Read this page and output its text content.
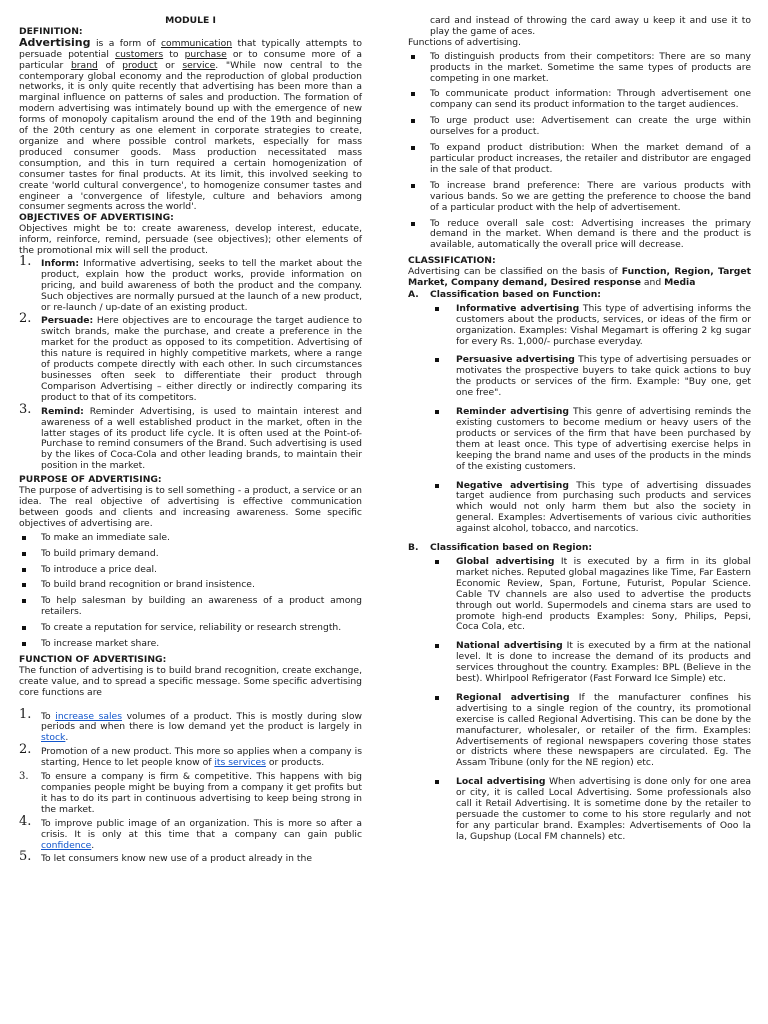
MODULE I

DEFINITION:

Advertising is a form of communication that typically attempts to persuade potential customers to purchase or to consume more of a particular brand of product or service. "While now central to the contemporary global economy and the reproduction of global production networks, it is only quite recently that advertising has been more than a marginal influence on patterns of sales and production. The formation of modern advertising was intimately bound up with the emergence of new forms of monopoly capitalism around the end of the 19th and beginning of the 20th century as one element in corporate strategies to create, organize and where possible control markets, especially for mass produced consumer goods. Mass production necessitated mass consumption, and this in turn required a certain homogenization of consumer tastes for final products. At its limit, this involved seeking to create 'world cultural convergence', to homogenize consumer tastes and engineer a 'convergence of lifestyle, culture and behaviors among consumer segments across the world'.

OBJECTIVES OF ADVERTISING:

Objectives might be to: create awareness, develop interest, educate, inform, reinforce, remind, persuade (see objectives); other elements of the promotional mix will sell the product.

1. Inform: Informative advertising, seeks to tell the market about the product, explain how the product works, provide information on pricing, and build awareness of both the product and the company. Such objectives are normally pursued at the launch of a new product, or re-launch / up-date of an existing product.
2. Persuade: Here objectives are to encourage the target audience to switch brands, make the purchase, and create a preference in the market for the product as opposed to its competition. Advertising of this nature is required in highly competitive markets, where a range of products compete directly with each other. In such circumstances businesses often seek to differentiate their product through Comparison Advertising – either directly or indirectly comparing its product to that of its competitors.
3. Remind: Reminder Advertising, is used to maintain interest and awareness of a well established product in the market, often in the latter stages of its product life cycle. It is often used at the Point-of-Purchase to remind consumers of the Brand. Such advertising is used by the likes of Coca-Cola and other leading brands, to maintain their position in the market.

PURPOSE OF ADVERTISING:

The purpose of advertising is to sell something - a product, a service or an idea. The real objective of advertising is effective communication between goods and clients and increasing awareness. Some specific objectives of advertising are.

To make an immediate sale.
To build primary demand.
To introduce a price deal.
To build brand recognition or brand insistence.
To help salesman by building an awareness of a product among retailers.
To create a reputation for service, reliability or research strength.
To increase market share.

FUNCTION OF ADVERTISING:

The function of advertising is to build brand recognition, create exchange, create value, and to spread a specific message. Some specific advertising core functions are

1. To increase sales volumes of a product. This is mostly during slow periods and when there is low demand yet the product is largely in stock.
2. Promotion of a new product. This more so applies when a company is starting, Hence to let people know of its services or products.
3. To ensure a company is firm & competitive. This happens with big companies people might be buying from a company it get profits but it has to do its part in continuous advertising to keep being strong in the market.
4. To improve public image of an organization. This is more so after a crisis. It is only at this time that a company can gain public confidence.
5. To let consumers know new use of a product already in the

card and instead of throwing the card away u keep it and use it to play the game of aces.

Functions of advertising.

To distinguish products from their competitors: There are so many products in the market. Sometime the same types of products are competing in one market.
To communicate product information: Through advertisement one company can send its product information to the target audiences.
To urge product use: Advertisement can create the urge within ourselves for a product.
To expand product distribution: When the market demand of a particular product increases, the retailer and distributor are engaged in the sale of that product.
To increase brand preference: There are various products with various bands. So we are getting the preference to choose the band of a particular product with the help of advertisement.
To reduce overall sale cost: Advertising increases the primary demand in the market. When demand is there and the product is available, automatically the overall price will decrease.

CLASSIFICATION:

Advertising can be classified on the basis of Function, Region, Target Market, Company demand, Desired response and Media

A. Classification based on Function:

Informative advertising This type of advertising informs the customers about the products, services, or ideas of the firm or organization. Examples: Vishal Megamart is offering 2 kg sugar for every Rs. 1,000/- purchase everyday.
Persuasive advertising This type of advertising persuades or motivates the prospective buyers to take quick actions to buy the products or services of the firm. Example: "Buy one, get one free".
Reminder advertising This genre of advertising reminds the existing customers to become medium or heavy users of the products or services of the firm that have been purchased by them at least once. This type of advertising exercise helps in keeping the brand name and uses of the products in the minds of the existing customers.
Negative advertising This type of advertising dissuades target audience from purchasing such products and services which would not only harm them but also the society in general. Examples: Advertisements of various civic authorities against alcohol, tobacco, and narcotics.

B. Classification based on Region:

Global advertising It is executed by a firm in its global market niches. Reputed global magazines like Time, Far Eastern Economic Review, Span, Fortune, Futurist, Popular Science. Cable TV channels are also used to advertise the products through out world. Supermodels and cinema stars are used to promote high-end products Examples: Sony, Philips, Pepsi, Coca Cola, etc.
National advertising It is executed by a firm at the national level. It is done to increase the demand of its products and services throughout the country. Examples: BPL (Believe in the best). Whirlpool Refrigerator (Fast Forward Ice Simple) etc.
Regional advertising If the manufacturer confines his advertising to a single region of the country, its promotional exercise is called Regional Advertising. This can be done by the manufacturer, wholesaler, or retailer of the firm. Examples: Advertisements of regional newspapers covering those states or districts where these newspapers are circulated. Eg. The Assam Tribune (only for the NE region) etc.
Local advertising When advertising is done only for one area or city, it is called Local Advertising. Some professionals also call it Retail Advertising. It is sometime done by the retailer to persuade the customer to come to his store regularly and not for any particular brand. Examples: Advertisements of Ooo la la, Gupshup (Local FM channels) etc.
